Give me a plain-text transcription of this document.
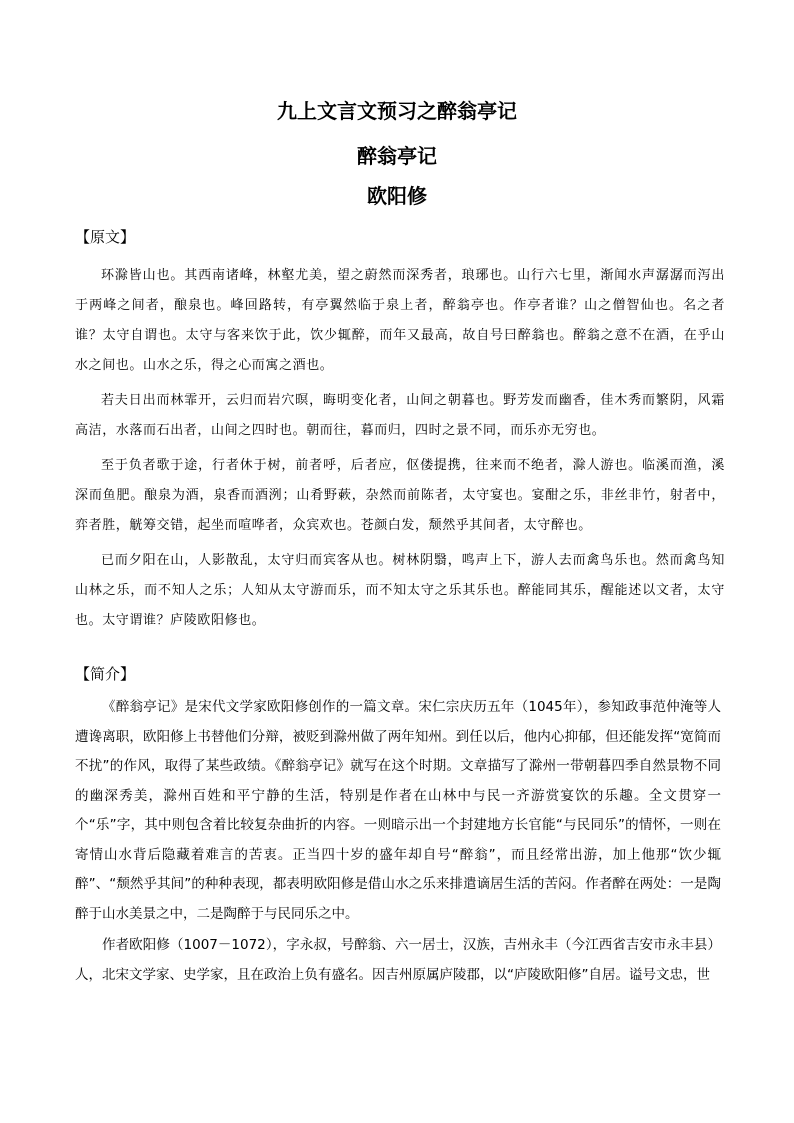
九上文言文预习之醉翁亭记
醉翁亭记
欧阳修
【原文】

环滁皆山也。其西南诸峰，林壑尤美，望之蔚然而深秀者，琅琊也。山行六七里，渐闻水声潺潺而泻出于两峰之间者，酿泉也。峰回路转，有亭翼然临于泉上者，醉翁亭也。作亭者谁？山之僧智仙也。名之者谁？太守自谓也。太守与客来饮于此，饮少辄醉，而年又最高，故自号曰醉翁也。醉翁之意不在酒，在乎山水之间也。山水之乐，得之心而寓之酒也。

若夫日出而林霏开，云归而岩穴暝，晦明变化者，山间之朝暮也。野芳发而幽香，佳木秀而繁阴，风霜高洁，水落而石出者，山间之四时也。朝而往，暮而归，四时之景不同，而乐亦无穷也。

至于负者歌于途，行者休于树，前者呼，后者应，伛偻提携，往来而不绝者，滁人游也。临溪而渔，溪深而鱼肥。酿泉为酒，泉香而酒洌；山肴野蔌，杂然而前陈者，太守宴也。宴酣之乐，非丝非竹，射者中，弈者胜，觥筹交错，起坐而喧哗者，众宾欢也。苍颜白发，颓然乎其间者，太守醉也。

已而夕阳在山，人影散乱，太守归而宾客从也。树林阴翳，鸣声上下，游人去而禽鸟乐也。然而禽鸟知山林之乐，而不知人之乐；人知从太守游而乐，而不知太守之乐其乐也。醉能同其乐，醒能述以文者，太守也。太守谓谁？庐陵欧阳修也。

【简介】

《醉翁亭记》是宋代文学家欧阳修创作的一篇文章。宋仁宗庆历五年（1045年），参知政事范仲淹等人遭谗离职，欧阳修上书替他们分辩，被贬到滁州做了两年知州。到任以后，他内心抑郁，但还能发挥“宽简而不扰”的作风，取得了某些政绩。《醉翁亭记》就写在这个时期。文章描写了滁州一带朝暮四季自然景物不同的幽深秀美，滁州百姓和平宁静的生活，特别是作者在山林中与民一齐游赏宴饮的乐趣。全文贯穿一个“乐”字，其中则包含着比较复杂曲折的内容。一则暗示出一个封建地方长官能“与民同乐”的情怀，一则在寄情山水背后隐藏着难言的苦衷。正当四十岁的盛年却自号“醉翁”，而且经常出游，加上他那“饮少辄醉”、“颓然乎其间”的种种表现，都表明欧阳修是借山水之乐来排遣谪居生活的苦闷。作者醉在两处：一是陶醉于山水美景之中，二是陶醉于与民同乐之中。

作者欧阳修（1007－1072），字永叔，号醉翁、六一居士，汉族，吉州永丰（今江西省吉安市永丰县）人，北宋文学家、史学家，且在政治上负有盛名。因吉州原属庐陵郡，以“庐陵欧阳修”自居。谥号文忠，世
